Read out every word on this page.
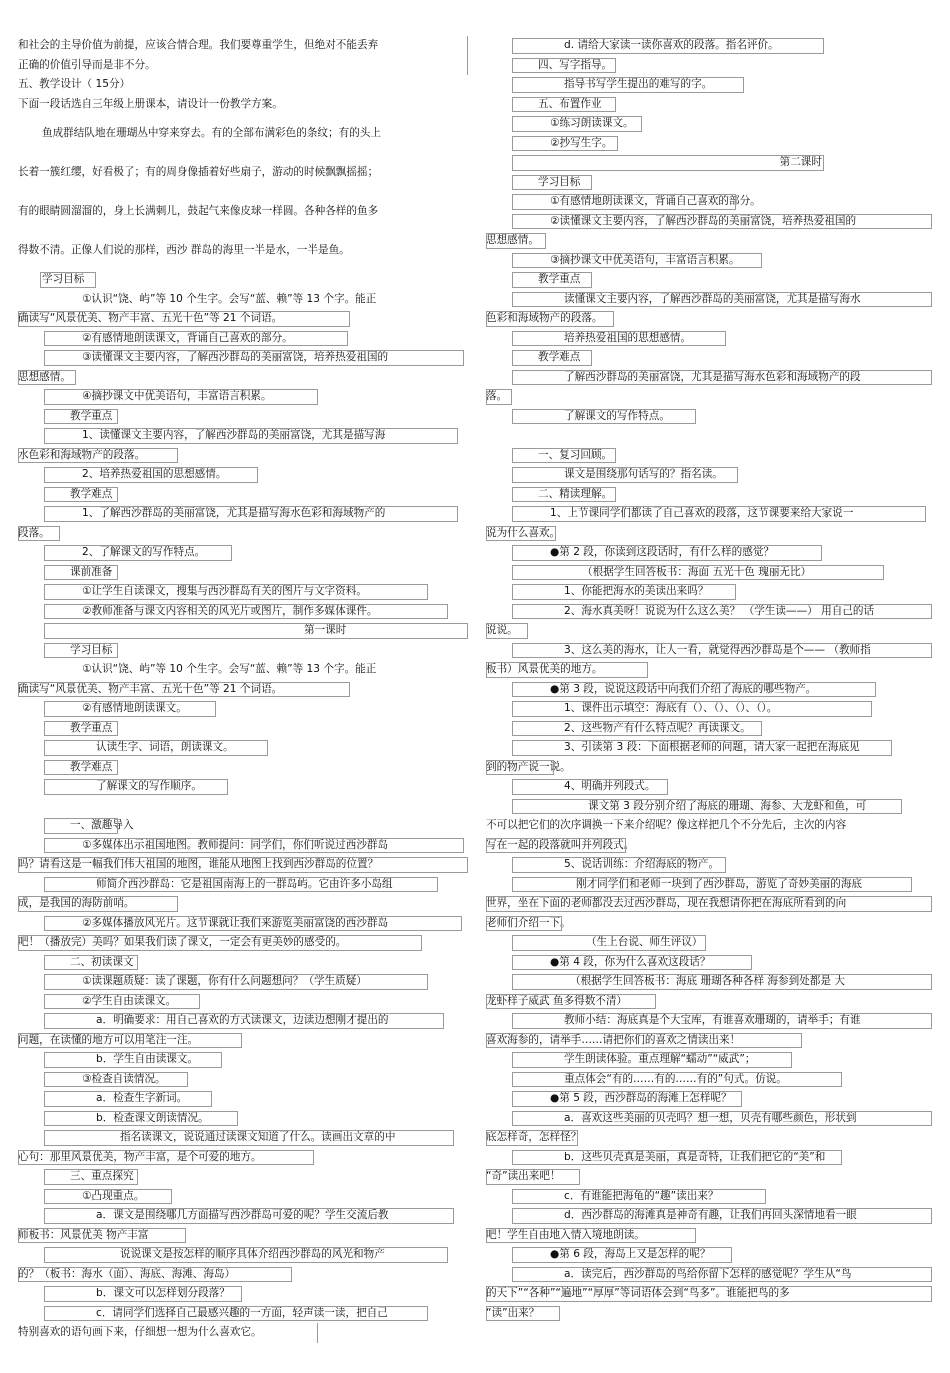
和社会的主导价值为前提，应该合情合理。我们要尊重学生，但绝对不能丢弃
正确的价值引导而是非不分。
五、教学设计（ 15分）
下面一段话选自三年级上册课本，请设计一份教学方案。
鱼成群结队地在珊瑚丛中穿来穿去。有的全部布满彩色的条纹；有的头上
长着一簇红缨，好看极了；有的周身像插着好些扇子，游动的时候飘飘摇摇；
有的眼睛圆溜溜的，身上长满刺儿，鼓起气来像皮球一样圆。各种各样的鱼多
得数不清。正像人们说的那样，西沙 群岛的海里一半是水，一半是鱼。
学习目标
①认识“饶、屿”等 10 个生字。会写“蓝、赖”等 13 个字。能正
确读写“风景优美、物产丰富、五光十色”等 21 个词语。
②有感情地朗读课文，背诵自己喜欢的部分。
③读懂课文主要内容，了解西沙群岛的美丽富饶，培养热爱祖国的
思想感情。
④摘抄课文中优美语句，丰富语言积累。
教学重点
1、读懂课文主要内容，了解西沙群岛的美丽富饶，尤其是描写海
水色彩和海域物产的段落。
2、培养热爱祖国的思想感情。
教学难点
1、了解西沙群岛的美丽富饶，尤其是描写海水色彩和海域物产的
段落。
2、了解课文的写作特点。
课前准备
①让学生自读课文，搜集与西沙群岛有关的图片与文字资料。
②教师准备与课文内容相关的风光片或图片，制作多媒体课件。
第一课时
学习目标
①认识“饶、屿”等 10 个生字。会写“蓝、赖”等 13 个字。能正
确读写“风景优美、物产丰富、五光十色”等 21 个词语。
②有感情地朗读课文。
教学重点
认读生字、词语，朗读课文。
教学难点
了解课文的写作顺序。
一、激趣导入
①多媒体出示祖国地图。教师提问：同学们，你们听说过西沙群岛
吗？请看这是一幅我们伟大祖国的地图，谁能从地图上找到西沙群岛的位置？
师简介西沙群岛：它是祖国南海上的一群岛屿。它由许多小岛组
成，是我国的海防前哨。
②多媒体播放风光片。这节课就让我们来游览美丽富饶的西沙群岛
吧！（播放完）美吗？如果我们读了课文，一定会有更美妙的感受的。
二、初读课文
①读课题质疑：读了课题，你有什么问题想问？（学生质疑）
②学生自由读课文。
a．明确要求：用自己喜欢的方式读课文，边读边想刚才提出的
问题，在读懂的地方可以用笔注一注。
b．学生自由读课文。
③检查自读情况。
a．检查生字新词。
b．检查课文朗读情况。
指名读课文，说说通过读课文知道了什么。读画出文章的中
心句：那里风景优美，物产丰富，是个可爱的地方。
三、重点探究
①凸现重点。
a．课文是围绕哪几方面描写西沙群岛可爱的呢？学生交流后教
师板书：风景优美 物产丰富
说说课文是按怎样的顺序具体介绍西沙群岛的风光和物产
的？（板书：海水（面）、海底、海滩、海岛）
b．课文可以怎样划分段落？
c．请同学们选择自己最感兴趣的一方面，轻声读一读，把自己
特别喜欢的语句画下来，仔细想一想为什么喜欢它。
d. 请给大家读一读你喜欢的段落。指名评价。
四、写字指导。
指导书写学生提出的难写的字。
五、布置作业
①练习朗读课文。
②抄写生字。
第二课时
学习目标
①有感情地朗读课文，背诵自己喜欢的部分。
②读懂课文主要内容，了解西沙群岛的美丽富饶，培养热爱祖国的
思想感情。
③摘抄课文中优美语句，丰富语言积累。
教学重点
读懂课文主要内容，了解西沙群岛的美丽富饶，尤其是描写海水
色彩和海域物产的段落。
培养热爱祖国的思想感情。
教学难点
了解西沙群岛的美丽富饶，尤其是描写海水色彩和海域物产的段
落。
了解课文的写作特点。
一、复习回顾。
课文是围绕那句话写的？指名读。
二、精读理解。
1、上节课同学们都读了自己喜欢的段落，这节课要来给大家说一
说为什么喜欢。
●第 2 段，你读到这段话时，有什么样的感觉？
（根据学生回答板书：海面 五光十色 瑰丽无比）
1、你能把海水的美读出来吗？
2、海水真美呀！说说为什么这么美？ （学生读——） 用自己的话
说说。
3、这么美的海水，让人一看，就觉得西沙群岛是个—— （教师指
板书）风景优美的地方。
●第 3 段，说说这段话中向我们介绍了海底的哪些物产。
1、课件出示填空：海底有（）、（）、（）、（）。
2、这些物产有什么特点呢？再读课文。
3、引读第 3 段：下面根据老师的问题，请大家一起把在海底见
到的物产说一说。
4、明确并列段式。
课文第 3 段分别介绍了海底的珊瑚、海参、大龙虾和鱼，可
不可以把它们的次序调换一下来介绍呢？像这样把几个不分先后，主次的内容
写在一起的段落就叫并列段式。
5、说话训练：介绍海底的物产。
刚才同学们和老师一块到了西沙群岛，游览了奇妙美丽的海底
世界，坐在下面的老师都没去过西沙群岛，现在我想请你把在海底所看到的向
老师们介绍一下。
（生上台说、师生评议）
●第 4 段，你为什么喜欢这段话？
（根据学生回答板书：海底 珊瑚各种各样 海参到处都是 大
龙虾样子威武 鱼多得数不清）
教师小结：海底真是个大宝库，有谁喜欢珊瑚的，请举手；有谁
喜欢海参的，请举手……请把你们的喜欢之情读出来！
学生朗读体验。重点理解“蠕动”“威武”；
重点体会“有的……有的……有的”句式。仿说。
●第 5 段，西沙群岛的海滩上怎样呢？
a．喜欢这些美丽的贝壳吗？想一想，贝壳有哪些颜色，形状到
底怎样奇，怎样怪？
b．这些贝壳真是美丽，真是奇特，让我们把它的“美”和
“奇”读出来吧！
c．有谁能把海龟的“趣”读出来？
d．西沙群岛的海滩真是神奇有趣，让我们再回头深情地看一眼
吧！学生自由地入情入境地朗读。
●第 6 段，海岛上又是怎样的呢？
a．读完后，西沙群岛的鸟给你留下怎样的感觉呢？学生从“鸟
的天下”“各种”“遍地”“厚厚”等词语体会到“鸟多”。谁能把鸟的多
“读”出来？
